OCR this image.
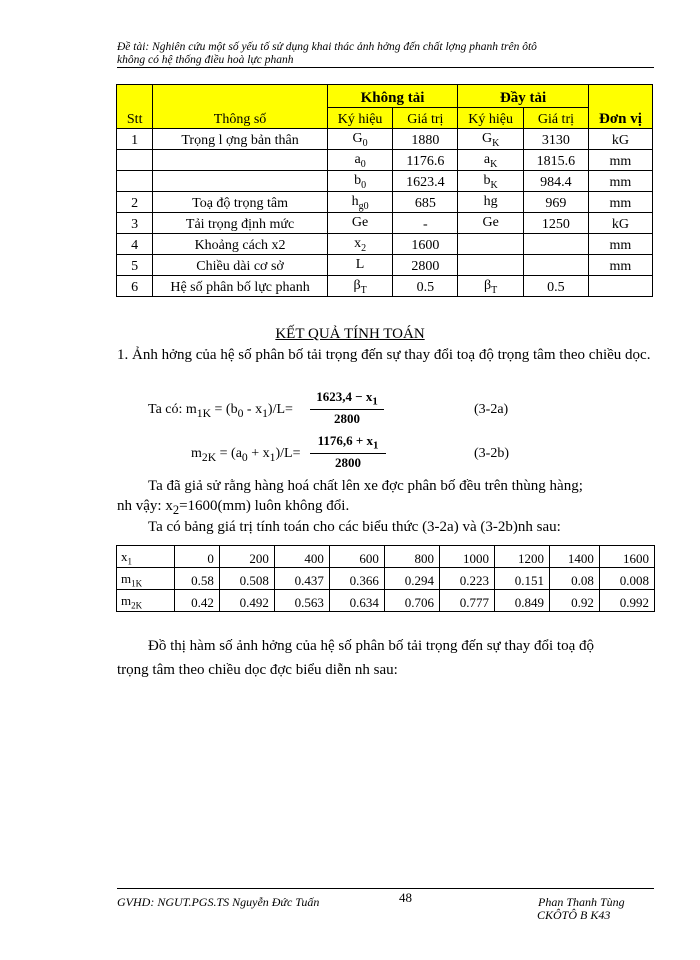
Đề tài: Nghiên cứu một số yếu tố sử dụng khai thác ảnh hởng đến chất lợng phanh trên ôtô
không có hệ thống điều hoà lực phanh
Stt	Thông số	Không tải		Đầy tải		Đơn vị
		Ký hiệu	Giá trị	Ký hiệu	Giá trị	
1	Trọng l ợng bản thân	$G_0$	1880	$G_K$	3130	kG
		$a_0$	1176.6	$a_K$	1815.6	mm
		$b_0$	1623.4	$b_K$	984.4	mm
2	Toạ độ trọng tâm	$h_{g0}$	685	hg	969	mm
3	Tải trọng định mức	Ge	-	Ge	1250	kG
4	Khoảng cách x2	$x_2$	1600			mm
5	Chiều dài cơ sở	L	2800			mm
6	Hệ số phân bố lực phanh	$\beta_T$	0.5	$\beta_T$	0.5	
KẾT QUẢ TÍNH TOÁN
1. Ảnh hởng của hệ số phân bố tải trọng đến sự thay đổi toạ độ trọng tâm theo chiều dọc.
Ta có: $m_{1K} = (b_0 - x_1)/L= \frac{1623,4 - x_1}{2800}$	(3-2a)
$m_{2K} = (a_0 + x_1)/L= \frac{1176,6 + x_1}{2800}$	(3-2b)
Ta đã giả sử rằng hàng hoá chất lên xe đợc phân bố đều trên thùng hàng;
nh vậy: $x_2=1600(mm)$ luôn không đổi.
Ta có bảng giá trị tính toán cho các biểu thức (3-2a) và (3-2b)nh sau:
$x_1$	0	200	400	600	800	1000	1200	1400	1600
$m_{1K}$	0.58	0.508	0.437	0.366	0.294	0.223	0.151	0.08	0.008
$m_{2K}$	0.42	0.492	0.563	0.634	0.706	0.777	0.849	0.92	0.992
Đồ thị hàm số ảnh hởng của hệ số phân bố tải trọng đến sự thay đổi toạ độ
trọng tâm theo chiều dọc đợc biểu diễn nh sau:
GVHD: NGUT.PGS.TS Nguyễn Đức Tuấn	48	Phan Thanh Tùng
CKÔTÔ B K43
